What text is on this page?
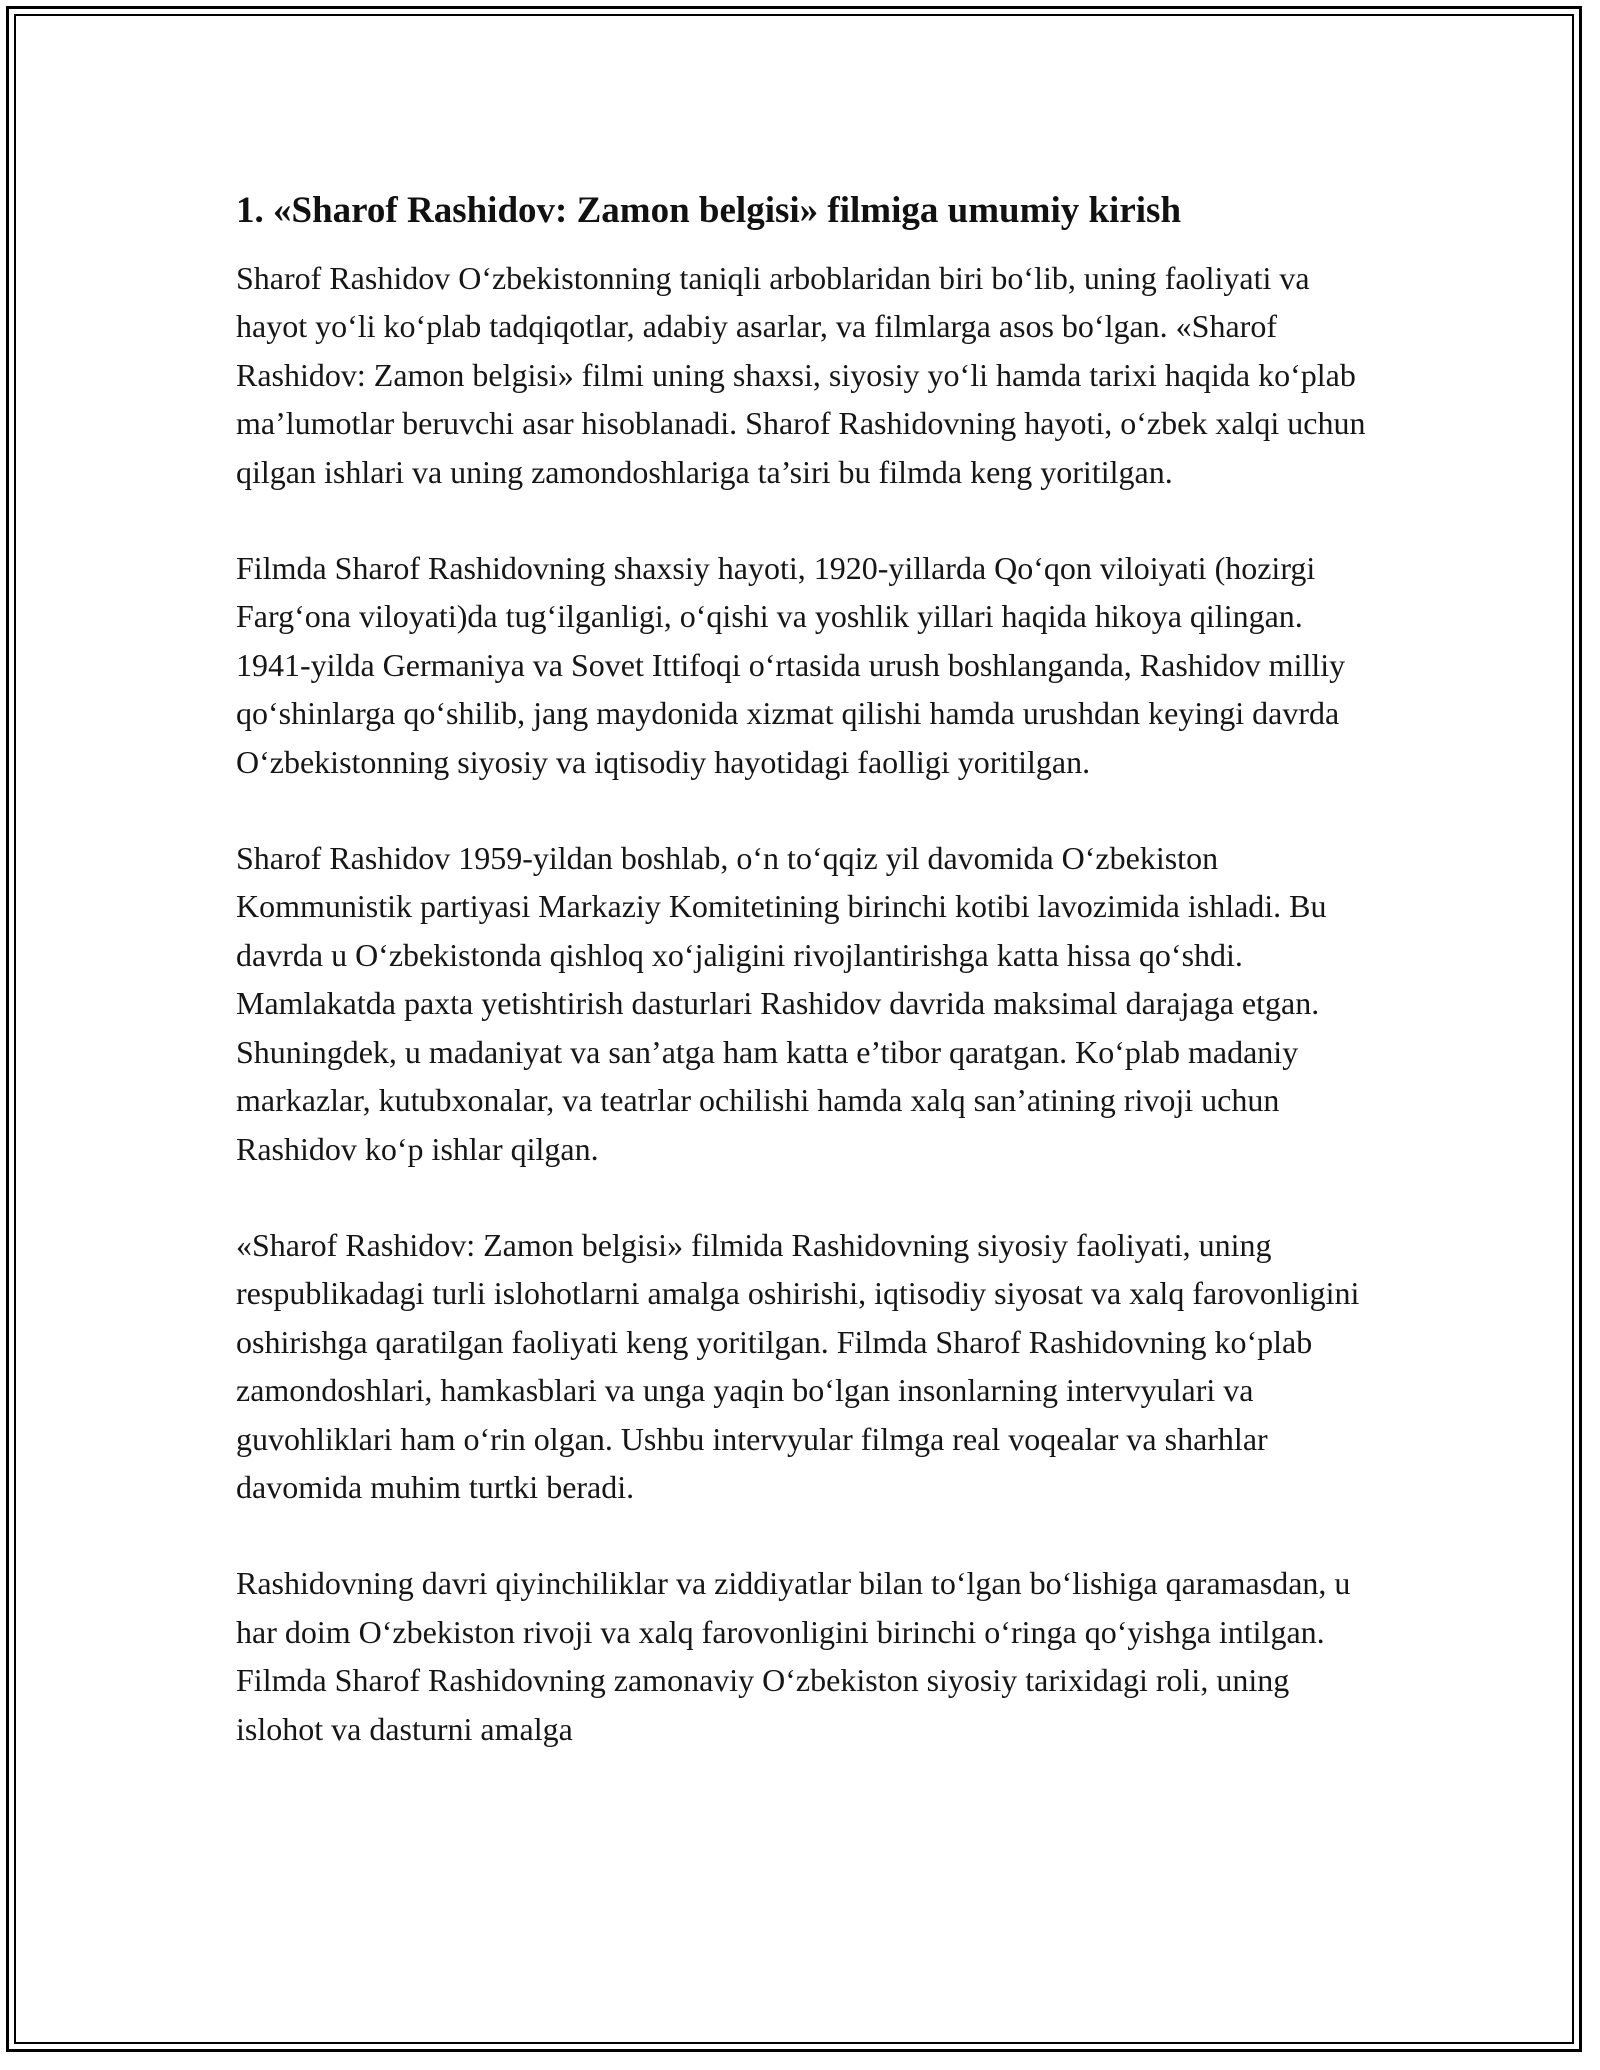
1. «Sharof Rashidov: Zamon belgisi» filmiga umumiy kirish

Sharof Rashidov O‘zbekistonning taniqli arboblaridan biri bo‘lib, uning faoliyati va hayot yo‘li ko‘plab tadqiqotlar, adabiy asarlar, va filmlarga asos bo‘lgan. «Sharof Rashidov: Zamon belgisi» filmi uning shaxsi, siyosiy yo‘li hamda tarixi haqida ko‘plab ma’lumotlar beruvchi asar hisoblanadi. Sharof Rashidovning hayoti, o‘zbek xalqi uchun qilgan ishlari va uning zamondoshlariga ta’siri bu filmda keng yoritilgan.

Filmda Sharof Rashidovning shaxsiy hayoti, 1920-yillarda Qo‘qon viloiyati (hozirgi Farg‘ona viloyati)da tug‘ilganligi, o‘qishi va yoshlik yillari haqida hikoya qilingan. 1941-yilda Germaniya va Sovet Ittifoqi o‘rtasida urush boshlanganda, Rashidov milliy qo‘shinlarga qo‘shilib, jang maydonida xizmat qilishi hamda urushdan keyingi davrda O‘zbekistonning siyosiy va iqtisodiy hayotidagi faolligi yoritilgan.

Sharof Rashidov 1959-yildan boshlab, o‘n to‘qqiz yil davomida O‘zbekiston Kommunistik partiyasi Markaziy Komitetining birinchi kotibi lavozimida ishladi. Bu davrda u O‘zbekistonda qishloq xo‘jaligini rivojlantirishga katta hissa qo‘shdi. Mamlakatda paxta yetishtirish dasturlari Rashidov davrida maksimal darajaga etgan. Shuningdek, u madaniyat va san’atga ham katta e’tibor qaratgan. Ko‘plab madaniy markazlar, kutubxonalar, va teatrlar ochilishi hamda xalq san’atining rivoji uchun Rashidov ko‘p ishlar qilgan.

«Sharof Rashidov: Zamon belgisi» filmida Rashidovning siyosiy faoliyati, uning respublikadagi turli islohotlarni amalga oshirishi, iqtisodiy siyosat va xalq farovonligini oshirishga qaratilgan faoliyati keng yoritilgan. Filmda Sharof Rashidovning ko‘plab zamondoshlari, hamkasblari va unga yaqin bo‘lgan insonlarning intervyulari va guvohliklari ham o‘rin olgan. Ushbu intervyular filmga real voqealar va sharhlar davomida muhim turtki beradi.

Rashidovning davri qiyinchiliklar va ziddiyatlar bilan to‘lgan bo‘lishiga qaramasdan, u har doim O‘zbekiston rivoji va xalq farovonligini birinchi o‘ringa qo‘yishga intilgan. Filmda Sharof Rashidovning zamonaviy O‘zbekiston siyosiy tarixidagi roli, uning islohot va dasturni amalga
